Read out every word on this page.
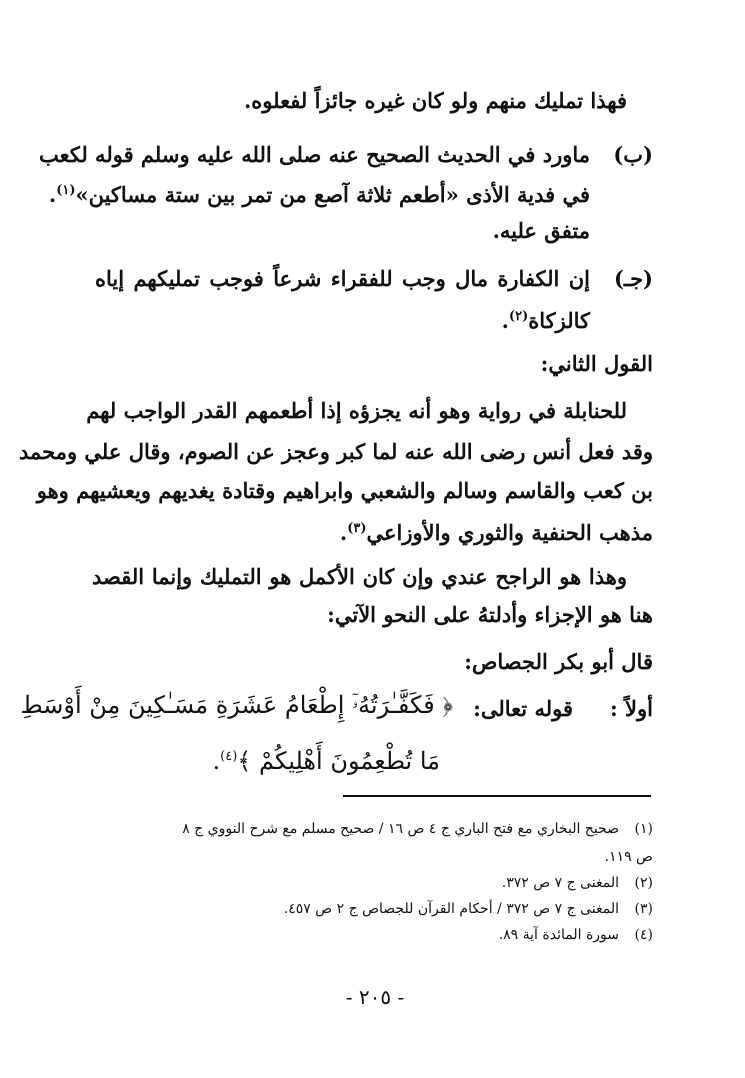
فهذا تمليك منهم ولو كان غيره جائزاً لفعلوه.
(ب)
ماورد في الحديث الصحيح عنه صلى الله عليه وسلم قوله لكعب
في فدية الأذى «أطعم ثلاثة آصع من تمر بين ستة مساكين»$^{(١)}$.
متفق عليه.
(جـ)
إن الكفارة مال وجب للفقراء شرعاً فوجب تمليكهم إياه
كالزكاة$^{(٢)}$.
القول الثاني:
للحنابلة في رواية وهو أنه يجزؤه إذا أطعمهم القدر الواجب لهم
وقد فعل أنس رضى الله عنه لما كبر وعجز عن الصوم، وقال علي ومحمد
بن كعب والقاسم وسالم والشعبي وابراهيم وقتادة يغديهم ويعشيهم وهو
مذهب الحنفية والثوري والأوزاعي$^{(٣)}$.
وهذا هو الراجح عندي وإن كان الأكمل هو التمليك وإنما القصد
هنا هو الإجزاء وأدلتهُ على النحو الآتي:
قال أبو بكر الجصاص:
أولاً :
قوله تعالى:
﴿ فَكَفَّـٰرَتُهُۥٓ إِطْعَامُ عَشَرَةِ مَسَـٰكِينَ مِنْ أَوْسَطِ
مَا تُطْعِمُونَ أَهْلِيكُمْ ﴾$^{(٤)}$.
(١)
صحيح البخاري مع فتح الباري ج ٤ ص ١٦ / صحيح مسلم مع شرح النووي ج ٨
ص ١١٩.
(٢)
المغنى ج ٧ ص ٣٧٢.
(٣)
المغنى ج ٧ ص ٣٧٢ / أحكام القرآن للجصاص ج ٢ ص ٤٥٧.
(٤)
سورة المائدة آية ٨٩.
- ٢٠٥ -
